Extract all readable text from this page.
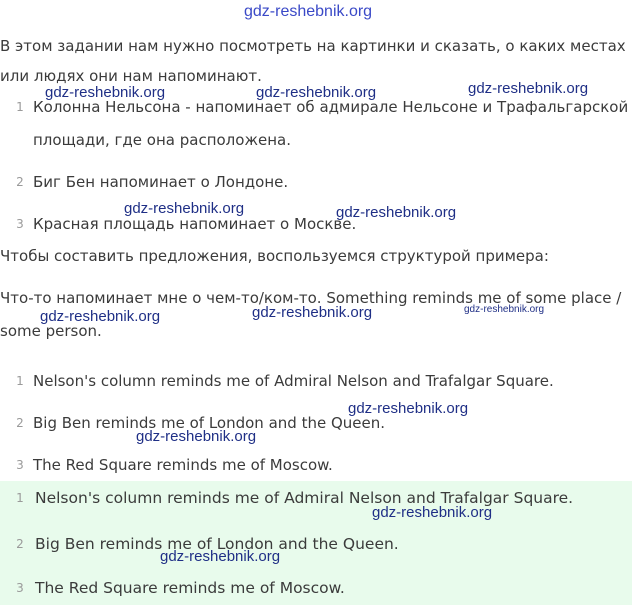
В этом задании нам нужно посмотреть на картинки и сказать, о каких местах
или людях они нам напоминают.
1 Колонна Нельсона - напоминает об адмирале Нельсоне и Трафальгарской
площади, где она расположена.
2 Биг Бен напоминает о Лондоне.
3 Красная площадь напоминает о Москве.
Чтобы составить предложения, воспользуемся структурой примера:
Что-то напоминает мне о чем-то/ком-то. Something reminds me of some place /
some person.
1 Nelson's column reminds me of Admiral Nelson and Trafalgar Square.
2 Big Ben reminds me of London and the Queen.
3 The Red Square reminds me of Moscow.
1 Nelson's column reminds me of Admiral Nelson and Trafalgar Square.
2 Big Ben reminds me of London and the Queen.
3 The Red Square reminds me of Moscow.
gdz-reshebnik.org
gdz-reshebnik.org	gdz-reshebnik.org	gdz-reshebnik.org
gdz-reshebnik.org	gdz-reshebnik.org
gdz-reshebnik.org	gdz-reshebnik.org	gdz-reshebnik.org
gdz-reshebnik.org
gdz-reshebnik.org
gdz-reshebnik.org
gdz-reshebnik.org
